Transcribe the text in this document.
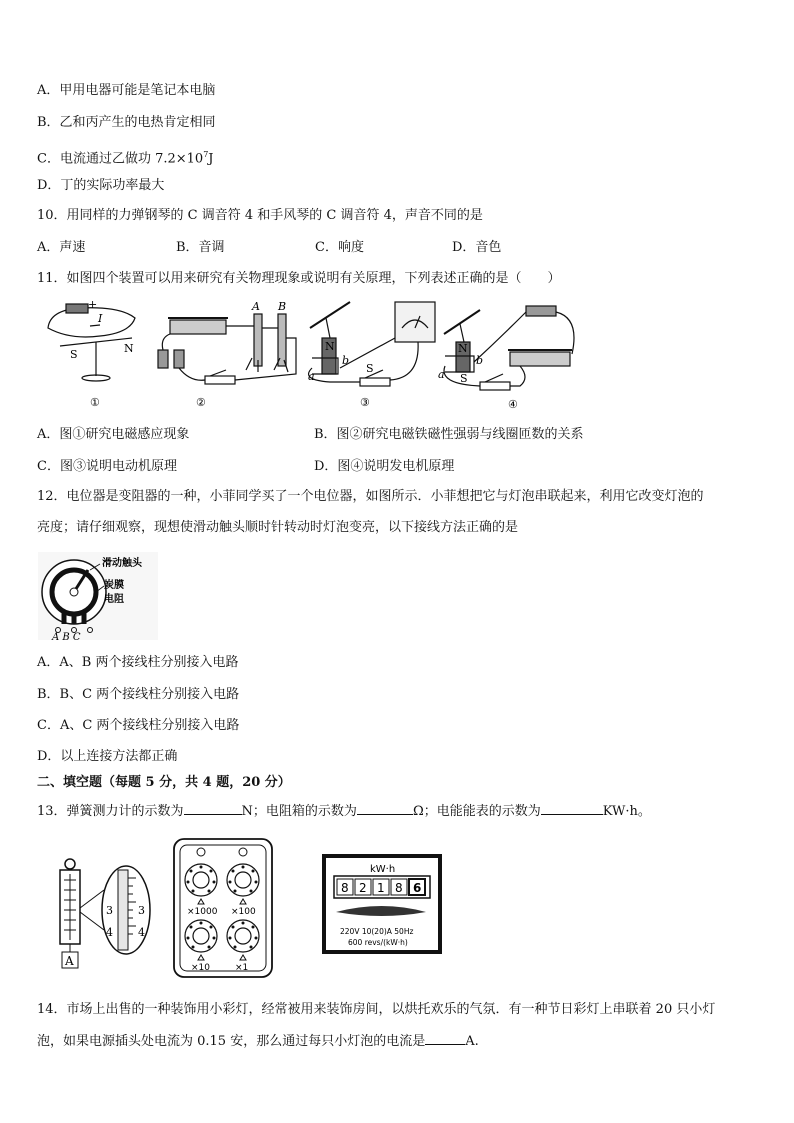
A．甲用电器可能是笔记本电脑
B．乙和丙产生的电热肯定相同
C．电流通过乙做功 $7.2\times 10^7J$
D．丁的实际功率最大
10．用同样的力弹钢琴的 C 调音符 4 和手风琴的 C 调音符 4，声音不同的是
A．声速	B．音调	C．响度	D．音色
11．如图四个装置可以用来研究有关物理现象或说明有关原理，下列表述正确的是（　　）
+
I
S	N
①
A B
②
N
a
b
S
③
N
a
b
S
④
A．图①研究电磁感应现象	B．图②研究电磁铁磁性强弱与线圈匝数的关系
C．图③说明电动机原理	D．图④说明发电机原理
12．电位器是变阻器的一种，小菲同学买了一个电位器，如图所示．小菲想把它与灯泡串联起来，利用它改变灯泡的
亮度；请仔细观察，现想使滑动触头顺时针转动时灯泡变亮，以下接线方法正确的是
滑动触头
炭膜
电阻
A B C
A．A、B 两个接线柱分别接入电路
B．B、C 两个接线柱分别接入电路
C．A、C 两个接线柱分别接入电路
D．以上连接方法都正确
二、填空题（每题 5 分，共 4 题，20 分）
13．弹簧测力计的示数为	N；电阻箱的示数为	Ω；电能能表的示数为	KW·h。
A
3 3
4 4
×1000 ×100
×10	×1
kW·h
8 2 1 8 6
220V 10(20)A 50Hz
600 revs/(kW·h)
14．市场上出售的一种装饰用小彩灯，经常被用来装饰房间，以烘托欢乐的气氛．有一种节日彩灯上串联着 20 只小灯
泡，如果电源插头处电流为 0.15 安，那么通过每只小灯泡的电流是	A.
